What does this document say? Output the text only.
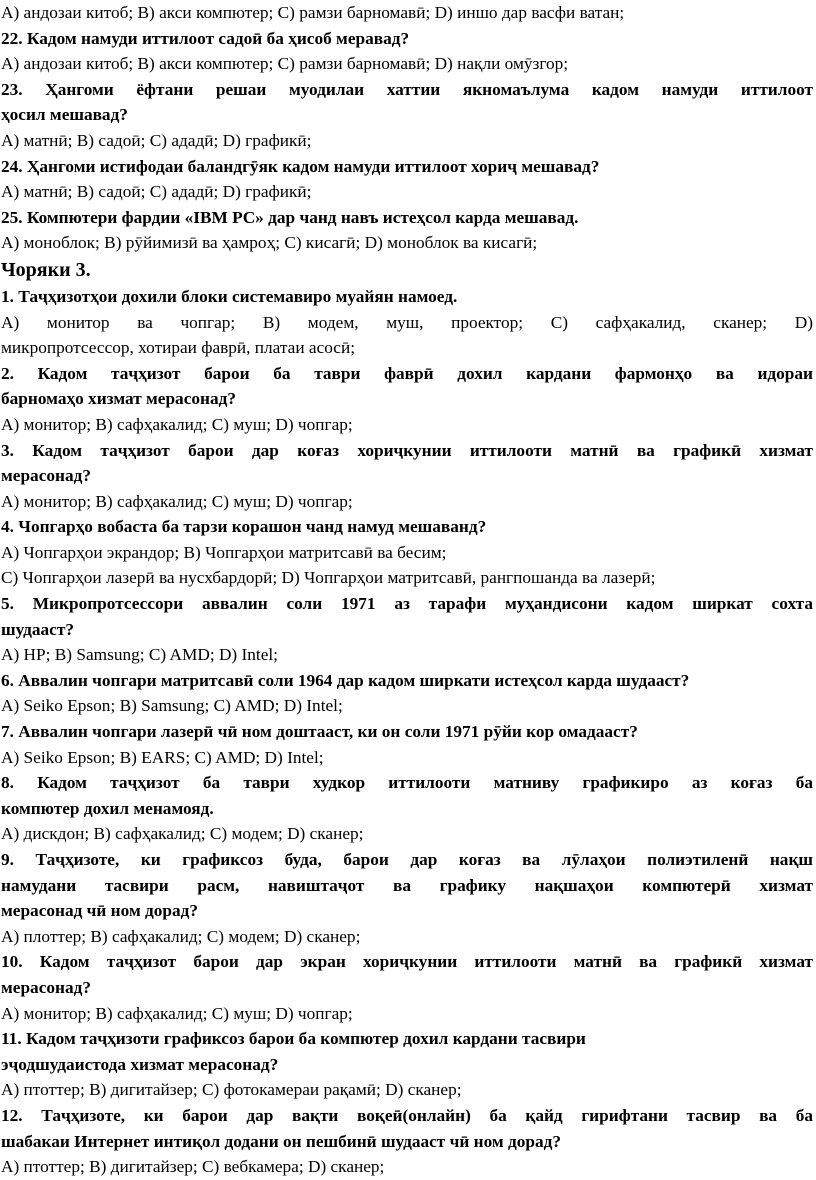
A) андозаи китоб; B) акси компютер; C) рамзи барномавӣ; D) иншо дар васфи ватан;

22. Кадом намуди иттилоот садоӣ ба ҳисоб меравад?

A) андозаи китоб; B) акси компютер; C) рамзи барномавӣ; D) нақли омӯзгор;

23. Ҳангоми ёфтани решаи муодилаи хаттии якномаълума кадом намуди иттилоот

ҳосил мешавад?

A) матнӣ; B) садоӣ; C) ададӣ; D) графикӣ;

24. Ҳангоми истифодаи баландгӯяк кадом намуди иттилоот хориҷ мешавад?

A) матнӣ; B) садоӣ; C) ададӣ; D) графикӣ;

25. Компютери фардии «IBM PC» дар чанд навъ истеҳсол карда мешавад.

A) моноблок; B) рӯйимизӣ ва ҳамроҳ; C) кисагӣ; D) моноблок ва кисагӣ;

Чоряки 3.

1. Таҷҳизотҳои дохили блоки системавиро муайян намоед.

A) монитор ва чопгар; B) модем, муш, проектор; C) сафҳакалид, сканер; D)

микропротсессор, хотираи фаврӣ, платаи асосӣ;

2. Кадом таҷҳизот барои ба таври фаврӣ дохил кардани фармонҳо ва идораи

барномаҳо хизмат мерасонад?

A) монитор; B) сафҳакалид; C) муш; D) чопгар;

3. Кадом таҷҳизот барои дар коғаз хориҷкунии иттилооти матнӣ ва графикӣ хизмат

мерасонад?

A) монитор; B) сафҳакалид; C) муш; D) чопгар;

4. Чопгарҳо вобаста ба тарзи корашон чанд намуд мешаванд?

A) Чопгарҳои экрандор; B) Чопгарҳои матритсавӣ ва бесим;

C) Чопгарҳои лазерӣ ва нусхбардорӣ; D) Чопгарҳои матритсавӣ, рангпошанда ва лазерӣ;

5. Микропротсессори аввалин соли 1971 аз тарафи муҳандисони кадом ширкат сохта

шудааст?

A) HP; B) Samsung; C) AMD; D) Intel;

6. Аввалин чопгари матритсавӣ соли 1964 дар кадом ширкати истеҳсол карда шудааст?

A) Seiko Epson; B) Samsung; C) AMD; D) Intel;

7. Аввалин чопгари лазерӣ чӣ ном доштааст, ки он соли 1971 рӯйи кор омадааст?

A) Seiko Epson; B) EARS; C) AMD; D) Intel;

8. Кадом таҷҳизот ба таври худкор иттилооти матниву графикиро аз коғаз ба

компютер дохил менамояд.

A) дискдон; B) сафҳакалид; C) модем; D) сканер;

9. Таҷҳизоте, ки графиксоз буда, барои дар коғаз ва лӯлаҳои полиэтиленӣ нақш

намудани тасвири расм, навиштаҷот ва графику нақшаҳои компютерӣ хизмат

мерасонад чӣ ном дорад?

A) плоттер; B) сафҳакалид; C) модем; D) сканер;

10. Кадом таҷҳизот барои дар экран хориҷкунии иттилооти матнӣ ва графикӣ хизмат

мерасонад?

A) монитор; B) сафҳакалид; C) муш; D) чопгар;

11. Кадом таҷҳизоти графиксоз барои ба компютер дохил кардани тасвири

эҷодшудаистода хизмат мерасонад?

A) птоттер; B) дигитайзер; C) фотокамераи рақамӣ; D) сканер;

12. Таҷҳизоте, ки барои дар вақти воқеӣ(онлайн) ба қайд гирифтани тасвир ва ба

шабакаи Интернет интиқол додани он пешбинӣ шудааст чӣ ном дорад?

A) птоттер; B) дигитайзер; C) вебкамера; D) сканер;
